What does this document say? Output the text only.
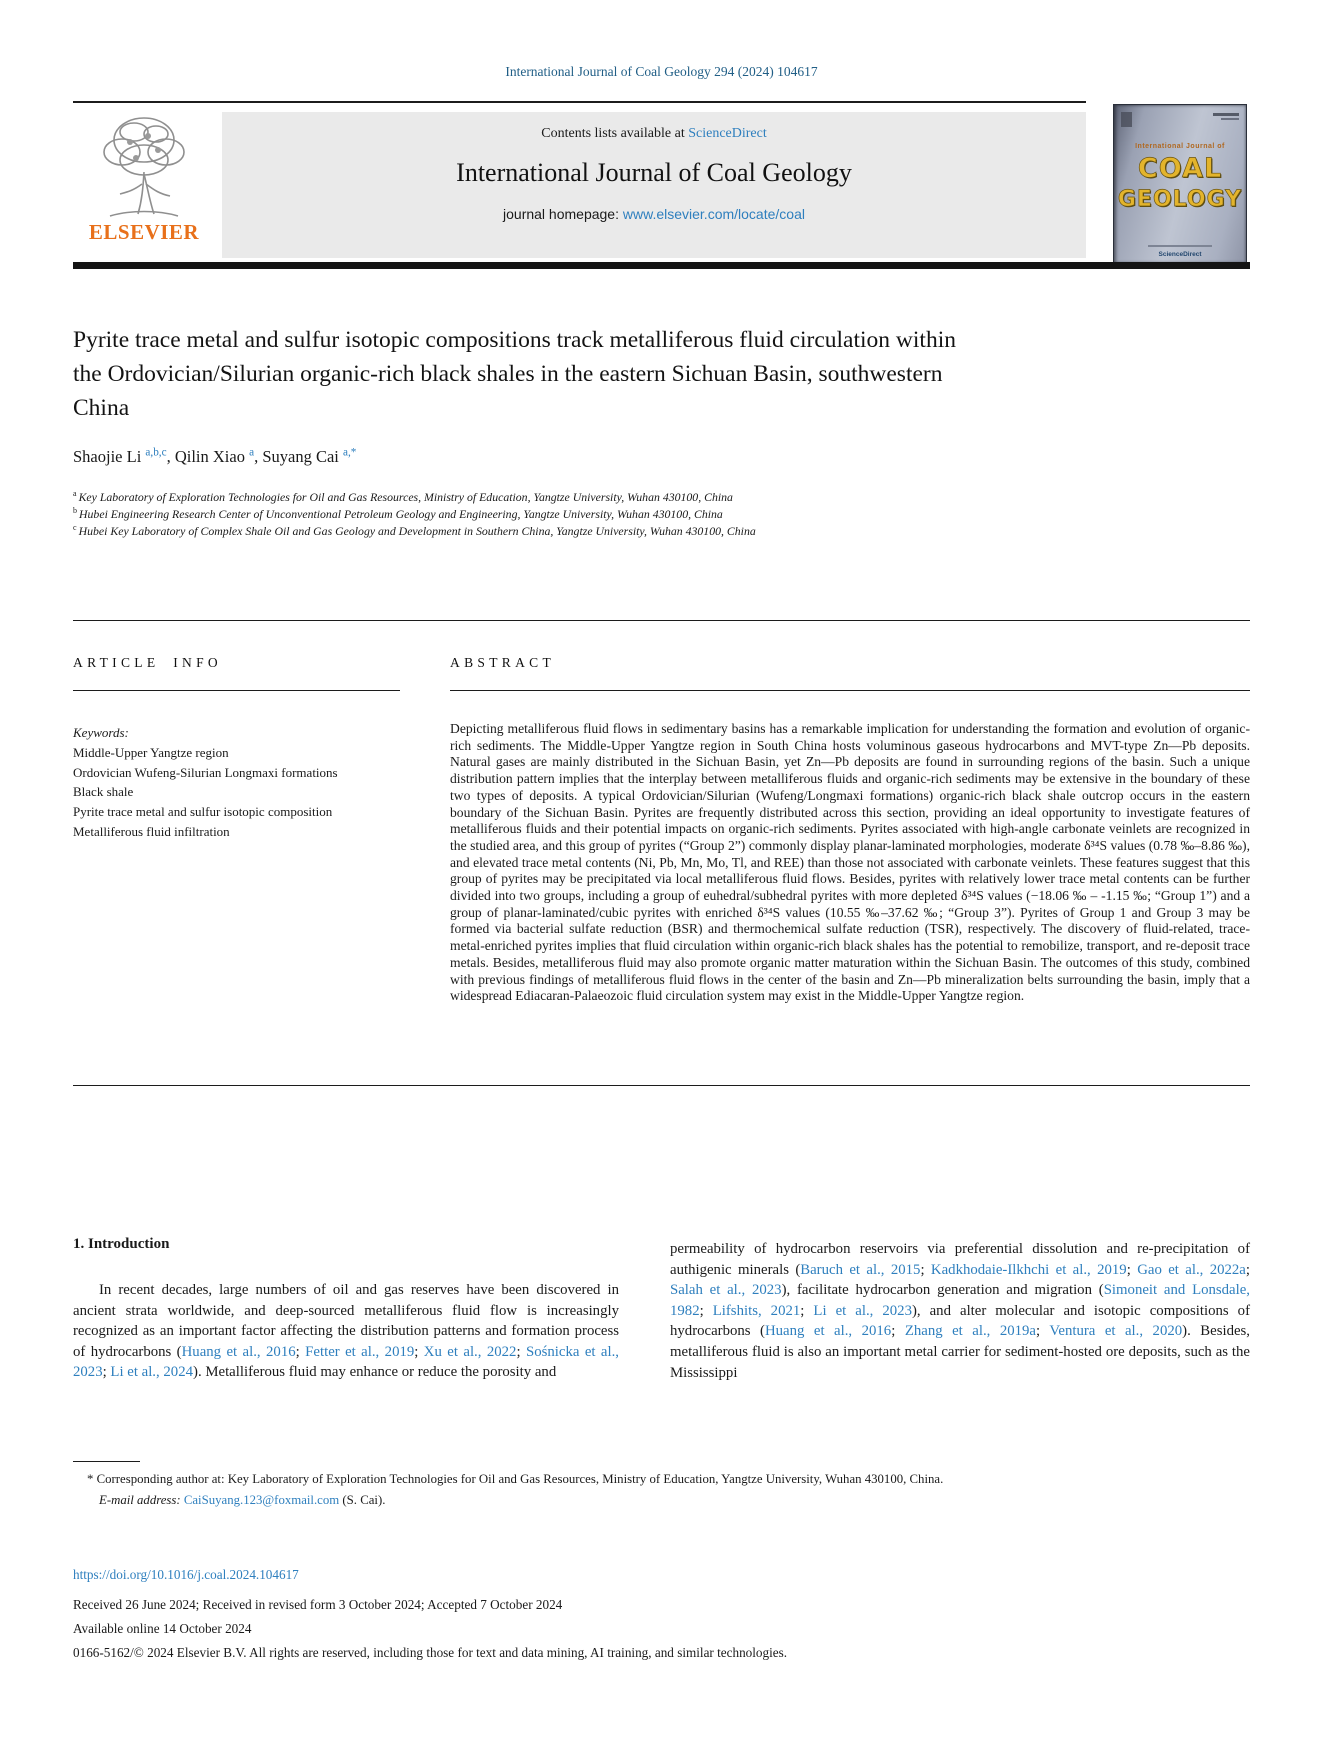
International Journal of Coal Geology 294 (2024) 104617
ELSEVIER
Contents lists available at ScienceDirect
International Journal of Coal Geology
journal homepage: www.elsevier.com/locate/coal
International Journal of
COAL
GEOLOGY
ScienceDirect
Pyrite trace metal and sulfur isotopic compositions track metalliferous fluid circulation within the Ordovician/Silurian organic-rich black shales in the eastern Sichuan Basin, southwestern China
Shaojie Li $^{a,b,c}$, Qilin Xiao $^a$, Suyang Cai $^{a,*}$
$^a$ Key Laboratory of Exploration Technologies for Oil and Gas Resources, Ministry of Education, Yangtze University, Wuhan 430100, China
$^b$ Hubei Engineering Research Center of Unconventional Petroleum Geology and Engineering, Yangtze University, Wuhan 430100, China
$^c$ Hubei Key Laboratory of Complex Shale Oil and Gas Geology and Development in Southern China, Yangtze University, Wuhan 430100, China
ARTICLE INFO
Keywords:
Middle-Upper Yangtze region
Ordovician Wufeng-Silurian Longmaxi formations
Black shale
Pyrite trace metal and sulfur isotopic composition
Metalliferous fluid infiltration
ABSTRACT
Depicting metalliferous fluid flows in sedimentary basins has a remarkable implication for understanding the formation and evolution of organic-rich sediments. The Middle-Upper Yangtze region in South China hosts voluminous gaseous hydrocarbons and MVT-type Zn—Pb deposits. Natural gases are mainly distributed in the Sichuan Basin, yet Zn—Pb deposits are found in surrounding regions of the basin. Such a unique distribution pattern implies that the interplay between metalliferous fluids and organic-rich sediments may be extensive in the boundary of these two types of deposits. A typical Ordovician/Silurian (Wufeng/Longmaxi formations) organic-rich black shale outcrop occurs in the eastern boundary of the Sichuan Basin. Pyrites are frequently distributed across this section, providing an ideal opportunity to investigate features of metalliferous fluids and their potential impacts on organic-rich sediments. Pyrites associated with high-angle carbonate veinlets are recognized in the studied area, and this group of pyrites (“Group 2”) commonly display planar-laminated morphologies, moderate δ³⁴S values (0.78 ‰–8.86 ‰), and elevated trace metal contents (Ni, Pb, Mn, Mo, Tl, and REE) than those not associated with carbonate veinlets. These features suggest that this group of pyrites may be precipitated via local metalliferous fluid flows. Besides, pyrites with relatively lower trace metal contents can be further divided into two groups, including a group of euhedral/subhedral pyrites with more depleted δ³⁴S values (−18.06 ‰ – -1.15 ‰; “Group 1”) and a group of planar-laminated/cubic pyrites with enriched δ³⁴S values (10.55 ‰–37.62 ‰; “Group 3”). Pyrites of Group 1 and Group 3 may be formed via bacterial sulfate reduction (BSR) and thermochemical sulfate reduction (TSR), respectively. The discovery of fluid-related, trace-metal-enriched pyrites implies that fluid circulation within organic-rich black shales has the potential to remobilize, transport, and re-deposit trace metals. Besides, metalliferous fluid may also promote organic matter maturation within the Sichuan Basin. The outcomes of this study, combined with previous findings of metalliferous fluid flows in the center of the basin and Zn—Pb mineralization belts surrounding the basin, imply that a widespread Ediacaran-Palaeozoic fluid circulation system may exist in the Middle-Upper Yangtze region.
1. Introduction
In recent decades, large numbers of oil and gas reserves have been discovered in ancient strata worldwide, and deep-sourced metalliferous fluid flow is increasingly recognized as an important factor affecting the distribution patterns and formation process of hydrocarbons (Huang et al., 2016; Fetter et al., 2019; Xu et al., 2022; Sośnicka et al., 2023; Li et al., 2024). Metalliferous fluid may enhance or reduce the porosity and
permeability of hydrocarbon reservoirs via preferential dissolution and re-precipitation of authigenic minerals (Baruch et al., 2015; Kadkhodaie-Ilkhchi et al., 2019; Gao et al., 2022a; Salah et al., 2023), facilitate hydrocarbon generation and migration (Simoneit and Lonsdale, 1982; Lifshits, 2021; Li et al., 2023), and alter molecular and isotopic compositions of hydrocarbons (Huang et al., 2016; Zhang et al., 2019a; Ventura et al., 2020). Besides, metalliferous fluid is also an important metal carrier for sediment-hosted ore deposits, such as the Mississippi
* Corresponding author at: Key Laboratory of Exploration Technologies for Oil and Gas Resources, Ministry of Education, Yangtze University, Wuhan 430100, China.
E-mail address: CaiSuyang.123@foxmail.com (S. Cai).
https://doi.org/10.1016/j.coal.2024.104617
Received 26 June 2024; Received in revised form 3 October 2024; Accepted 7 October 2024
Available online 14 October 2024
0166-5162/© 2024 Elsevier B.V. All rights are reserved, including those for text and data mining, AI training, and similar technologies.
